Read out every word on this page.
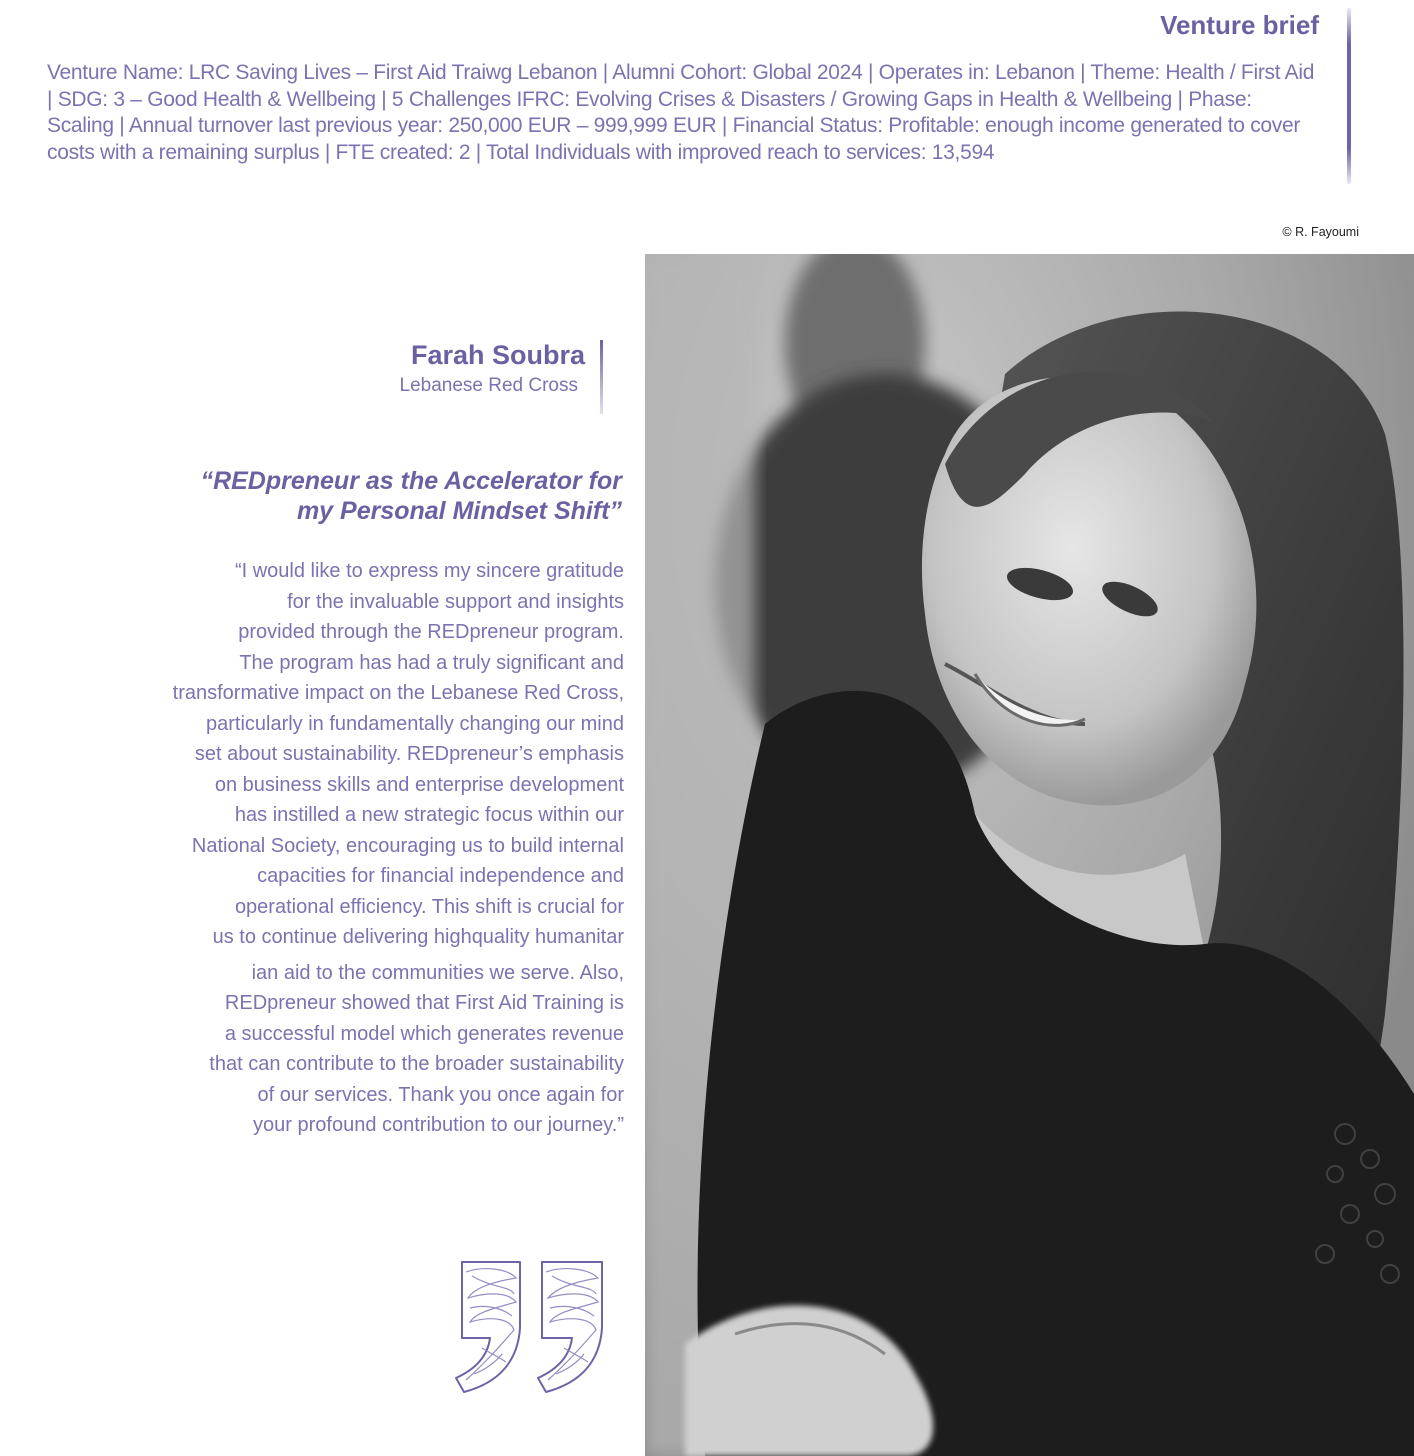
Venture brief
Venture Name: LRC Saving Lives – First Aid Traiwg Lebanon | Alumni Cohort: Global 2024 | Operates in: Lebanon | Theme: Health / First Aid | SDG: 3 – Good Health & Wellbeing | 5 Challenges IFRC: Evolving Crises & Disasters / Growing Gaps in Health & Wellbeing | Phase: Scaling | Annual turnover last previous year: 250,000 EUR – 999,999 EUR | Financial Status: Profitable: enough income generated to cover costs with a remaining surplus | FTE created: 2 | Total Individuals with improved reach to services: 13,594
© R. Fayoumi
Farah Soubra
Lebanese Red Cross
“REDpreneur as the Accelerator for
my Personal Mindset Shift”
“I would like to express my sincere gratitude
for the invaluable support and insights
provided through the REDpreneur program.
The program has had a truly significant and
transformative impact on the Lebanese Red Cross,
particularly in fundamentally changing our mind
set about sustainability. REDpreneur’s emphasis
on business skills and enterprise development
has instilled a new strategic focus within our
National Society, encouraging us to build internal
capacities for financial independence and
operational efficiency. This shift is crucial for
us to continue delivering highquality humanitar
ian aid to the communities we serve. Also,
REDpreneur showed that First Aid Training is
a successful model which generates revenue
that can contribute to the broader sustainability
of our services. Thank you once again for
your profound contribution to our journey.”
